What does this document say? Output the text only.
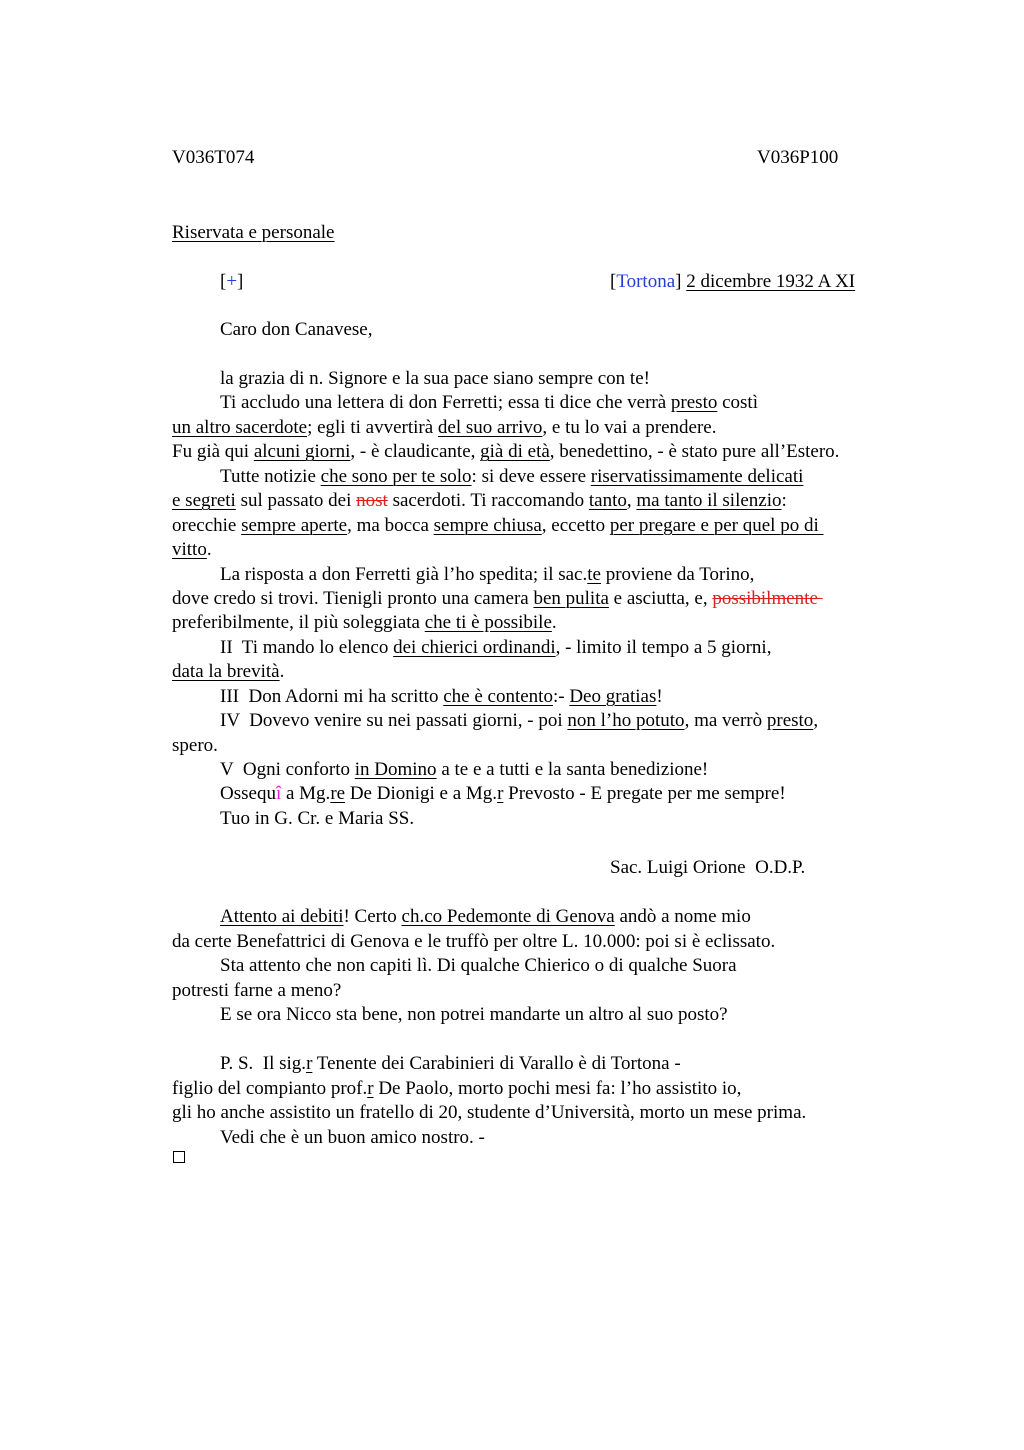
V036T074	V036P100
Riservata e personale
[+]	[Tortona] 2 dicembre 1932 A XI
Caro don Canavese,
la grazia di n. Signore e la sua pace siano sempre con te!
Ti accludo una lettera di don Ferretti; essa ti dice che verrà presto costì
un altro sacerdote; egli ti avvertirà del suo arrivo, e tu lo vai a prendere.
Fu già qui alcuni giorni, - è claudicante, già di età, benedettino, - è stato pure all’Estero.
Tutte notizie che sono per te solo: si deve essere riservatissimamente delicati
e segreti sul passato dei nost sacerdoti. Ti raccomando tanto, ma tanto il silenzio:
orecchie sempre aperte, ma bocca sempre chiusa, eccetto per pregare e per quel po di
vitto.
La risposta a don Ferretti già l’ho spedita; il sac.te proviene da Torino,
dove credo si trovi. Tienigli pronto una camera ben pulita e asciutta, e, possibilmente
preferibilmente, il più soleggiata che ti è possibile.
II  Ti mando lo elenco dei chierici ordinandi, - limito il tempo a 5 giorni,
data la brevità.
III  Don Adorni mi ha scritto che è contento:- Deo gratias!
IV  Dovevo venire su nei passati giorni, - poi non l’ho potuto, ma verrò presto,
spero.
V  Ogni conforto in Domino a te e a tutti e la santa benedizione!
Ossequî a Mg.re De Dionigi e a Mg.r Prevosto - E pregate per me sempre!
Tuo in G. Cr. e Maria SS.
Sac. Luigi Orione  O.D.P.
Attento ai debiti! Certo ch.co Pedemonte di Genova andò a nome mio
da certe Benefattrici di Genova e le truffò per oltre L. 10.000: poi si è eclissato.
Sta attento che non capiti lì. Di qualche Chierico o di qualche Suora
potresti farne a meno?
E se ora Nicco sta bene, non potrei mandarte un altro al suo posto?
P. S.  Il sig.r Tenente dei Carabinieri di Varallo è di Tortona -
figlio del compianto prof.r De Paolo, morto pochi mesi fa: l’ho assistito io,
gli ho anche assistito un fratello di 20, studente d’Università, morto un mese prima.
Vedi che è un buon amico nostro. -
